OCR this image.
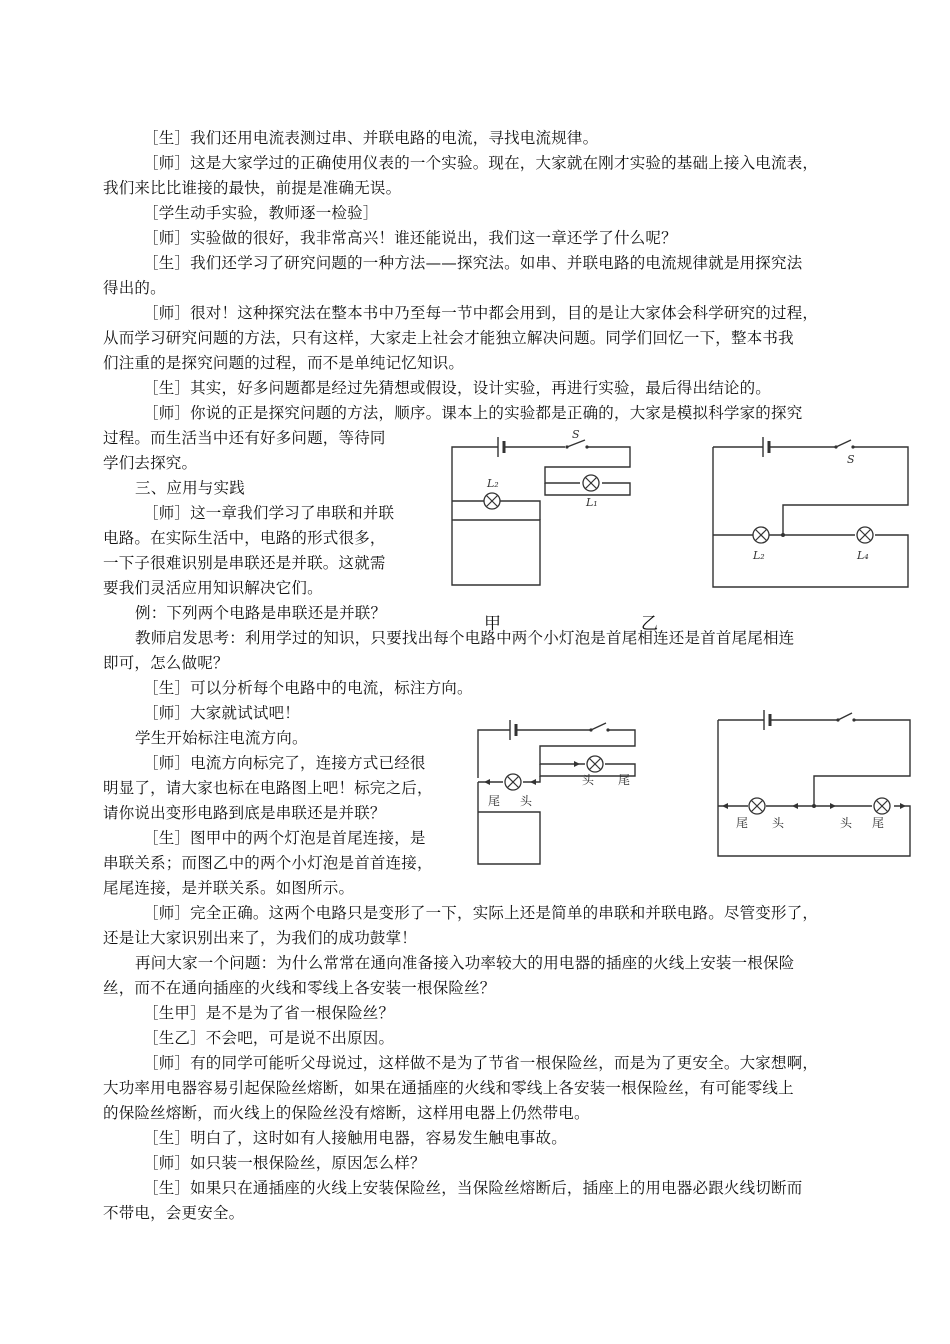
［生］我们还用电流表测过串、并联电路的电流，寻找电流规律。
［师］这是大家学过的正确使用仪表的一个实验。现在，大家就在刚才实验的基础上接入电流表，
我们来比比谁接的最快，前提是准确无误。
［学生动手实验，教师逐一检验］
［师］实验做的很好，我非常高兴！谁还能说出，我们这一章还学了什么呢？
［生］我们还学习了研究问题的一种方法——探究法。如串、并联电路的电流规律就是用探究法
得出的。
［师］很对！这种探究法在整本书中乃至每一节中都会用到，目的是让大家体会科学研究的过程，
从而学习研究问题的方法，只有这样，大家走上社会才能独立解决问题。同学们回忆一下，整本书我
们注重的是探究问题的过程，而不是单纯记忆知识。
［生］其实，好多问题都是经过先猜想或假设，设计实验，再进行实验，最后得出结论的。
［师］你说的正是探究问题的方法，顺序。课本上的实验都是正确的，大家是模拟科学家的探究
过程。而生活当中还有好多问题，等待同
学们去探究。
三、应用与实践
［师］这一章我们学习了串联和并联
电路。在实际生活中，电路的形式很多，
一下子很难识别是串联还是并联。这就需
要我们灵活应用知识解决它们。
例：下列两个电路是串联还是并联？
教师启发思考：利用学过的知识，只要找出每个电路中两个小灯泡是首尾相连还是首首尾尾相连
即可，怎么做呢？
［生］可以分析每个电路中的电流，标注方向。
［师］大家就试试吧！
学生开始标注电流方向。
［师］电流方向标完了，连接方式已经很
明显了，请大家也标在电路图上吧！标完之后，
请你说出变形电路到底是串联还是并联？
［生］图甲中的两个灯泡是首尾连接，是
串联关系；而图乙中的两个小灯泡是首首连接，
尾尾连接，是并联关系。如图所示。
［师］完全正确。这两个电路只是变形了一下，实际上还是简单的串联和并联电路。尽管变形了，
还是让大家识别出来了，为我们的成功鼓掌！
再问大家一个问题：为什么常常在通向准备接入功率较大的用电器的插座的火线上安装一根保险
丝，而不在通向插座的火线和零线上各安装一根保险丝？
［生甲］是不是为了省一根保险丝？
［生乙］不会吧，可是说不出原因。
［师］有的同学可能听父母说过，这样做不是为了节省一根保险丝，而是为了更安全。大家想啊，
大功率用电器容易引起保险丝熔断，如果在通插座的火线和零线上各安装一根保险丝，有可能零线上
的保险丝熔断，而火线上的保险丝没有熔断，这样用电器上仍然带电。
［生］明白了，这时如有人接触用电器，容易发生触电事故。
［师］如只装一根保险丝，原因怎么样？
［生］如果只在通插座的火线上安装保险丝，当保险丝熔断后，插座上的用电器必跟火线切断而
不带电，会更安全。
S
L₁
L₂
S
L₂	L₄
甲	乙
头 尾
尾 头
尾 头	头 尾
